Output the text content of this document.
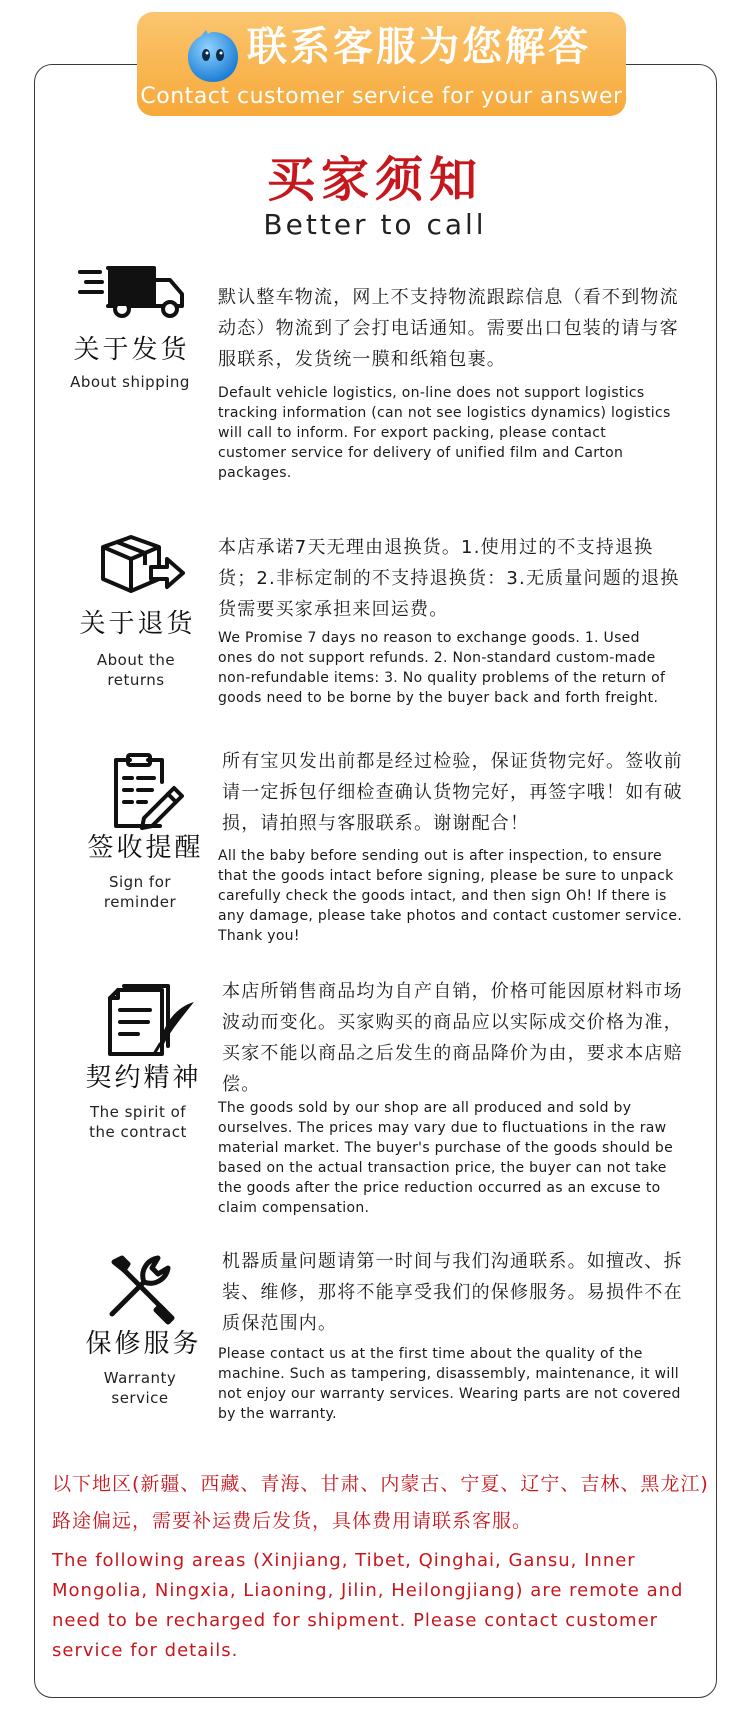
联系客服为您解答
Contact customer service for your answer
买家须知
Better to call
关于发货
About shipping
默认整车物流，网上不支持物流跟踪信息（看不到物流动态）物流到了会打电话通知。需要出口包装的请与客服联系，发货统一膜和纸箱包裹。
Default vehicle logistics, on-line does not support logistics tracking information (can not see logistics dynamics) logistics will call to inform. For export packing, please contact customer service for delivery of unified film and Carton packages.
关于退货
About the returns
本店承诺7天无理由退换货。1.使用过的不支持退换货；2.非标定制的不支持退换货：3.无质量问题的退换货需要买家承担来回运费。
We Promise 7 days no reason to exchange goods. 1. Used ones do not support refunds. 2. Non-standard custom-made non-refundable items: 3. No quality problems of the return of goods need to be borne by the buyer back and forth freight.
签收提醒
Sign for reminder
所有宝贝发出前都是经过检验，保证货物完好。签收前请一定拆包仔细检查确认货物完好，再签字哦！如有破损，请拍照与客服联系。谢谢配合！
All the baby before sending out is after inspection, to ensure that the goods intact before signing, please be sure to unpack carefully check the goods intact, and then sign Oh! If there is any damage, please take photos and contact customer service. Thank you!
契约精神
The spirit of the contract
本店所销售商品均为自产自销，价格可能因原材料市场波动而变化。买家购买的商品应以实际成交价格为准，买家不能以商品之后发生的商品降价为由，要求本店赔偿。
The goods sold by our shop are all produced and sold by ourselves. The prices may vary due to fluctuations in the raw material market. The buyer's purchase of the goods should be based on the actual transaction price, the buyer can not take the goods after the price reduction occurred as an excuse to claim compensation.
保修服务
Warranty service
机器质量问题请第一时间与我们沟通联系。如擅改、拆装、维修，那将不能享受我们的保修服务。易损件不在质保范围内。
Please contact us at the first time about the quality of the machine. Such as tampering, disassembly, maintenance, it will not enjoy our warranty services. Wearing parts are not covered by the warranty.
以下地区(新疆、西藏、青海、甘肃、内蒙古、宁夏、辽宁、吉林、黑龙江)路途偏远，需要补运费后发货，具体费用请联系客服。
The following areas (Xinjiang, Tibet, Qinghai, Gansu, Inner Mongolia, Ningxia, Liaoning, Jilin, Heilongjiang) are remote and need to be recharged for shipment. Please contact customer service for details.
